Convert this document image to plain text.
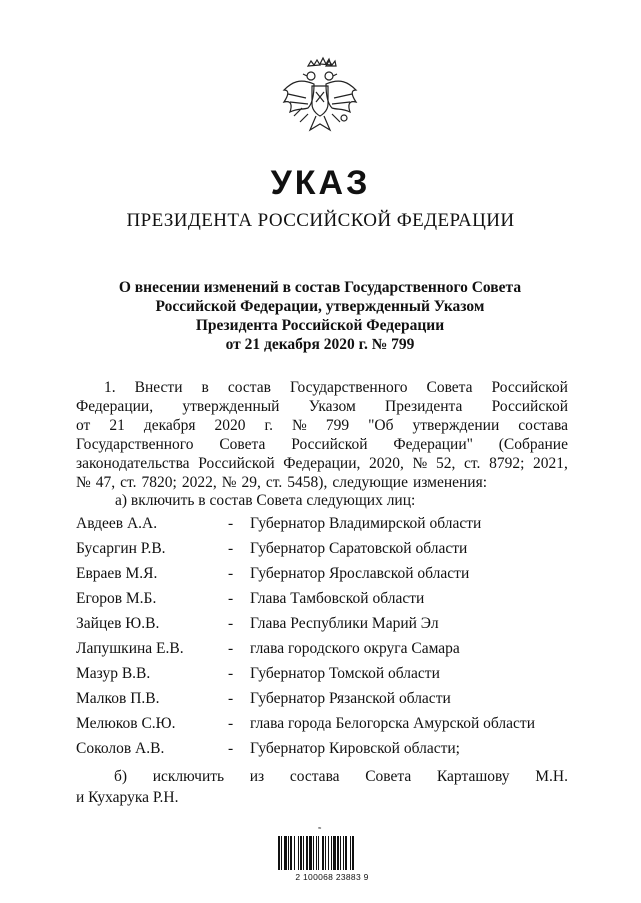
УКАЗ
ПРЕЗИДЕНТА РОССИЙСКОЙ ФЕДЕРАЦИИ
О внесении изменений в состав Государственного Совета
Российской Федерации, утвержденный Указом
Президента Российской Федерации
от 21 декабря 2020 г. № 799
1. Внести в состав Государственного Совета Российской
Федерации, утвержденный Указом Президента Российской
от 21 декабря 2020 г. № 799 "Об утверждении состава
Государственного Совета Российской Федерации" (Собрание
законодательства Российской Федерации, 2020, № 52, ст. 8792; 2021,
№ 47, ст. 7820; 2022, № 29, ст. 5458), следующие изменения:
а) включить в состав Совета следующих лиц:
Авдеев А.А.	-	Губернатор Владимирской области
Бусаргин Р.В.	-	Губернатор Саратовской области
Евраев М.Я.	-	Губернатор Ярославской области
Егоров М.Б.	-	Глава Тамбовской области
Зайцев Ю.В.	-	Глава Республики Марий Эл
Лапушкина Е.В.	-	глава городского округа Самара
Мазур В.В.	-	Губернатор Томской области
Малков П.В.	-	Губернатор Рязанской области
Мелюков С.Ю.	-	глава города Белогорска Амурской области
Соколов А.В.	-	Губернатор Кировской области;
б) исключить из состава Совета Карташову М.Н.
и Кухарука Р.Н.
≈
2 100068 23883 9
